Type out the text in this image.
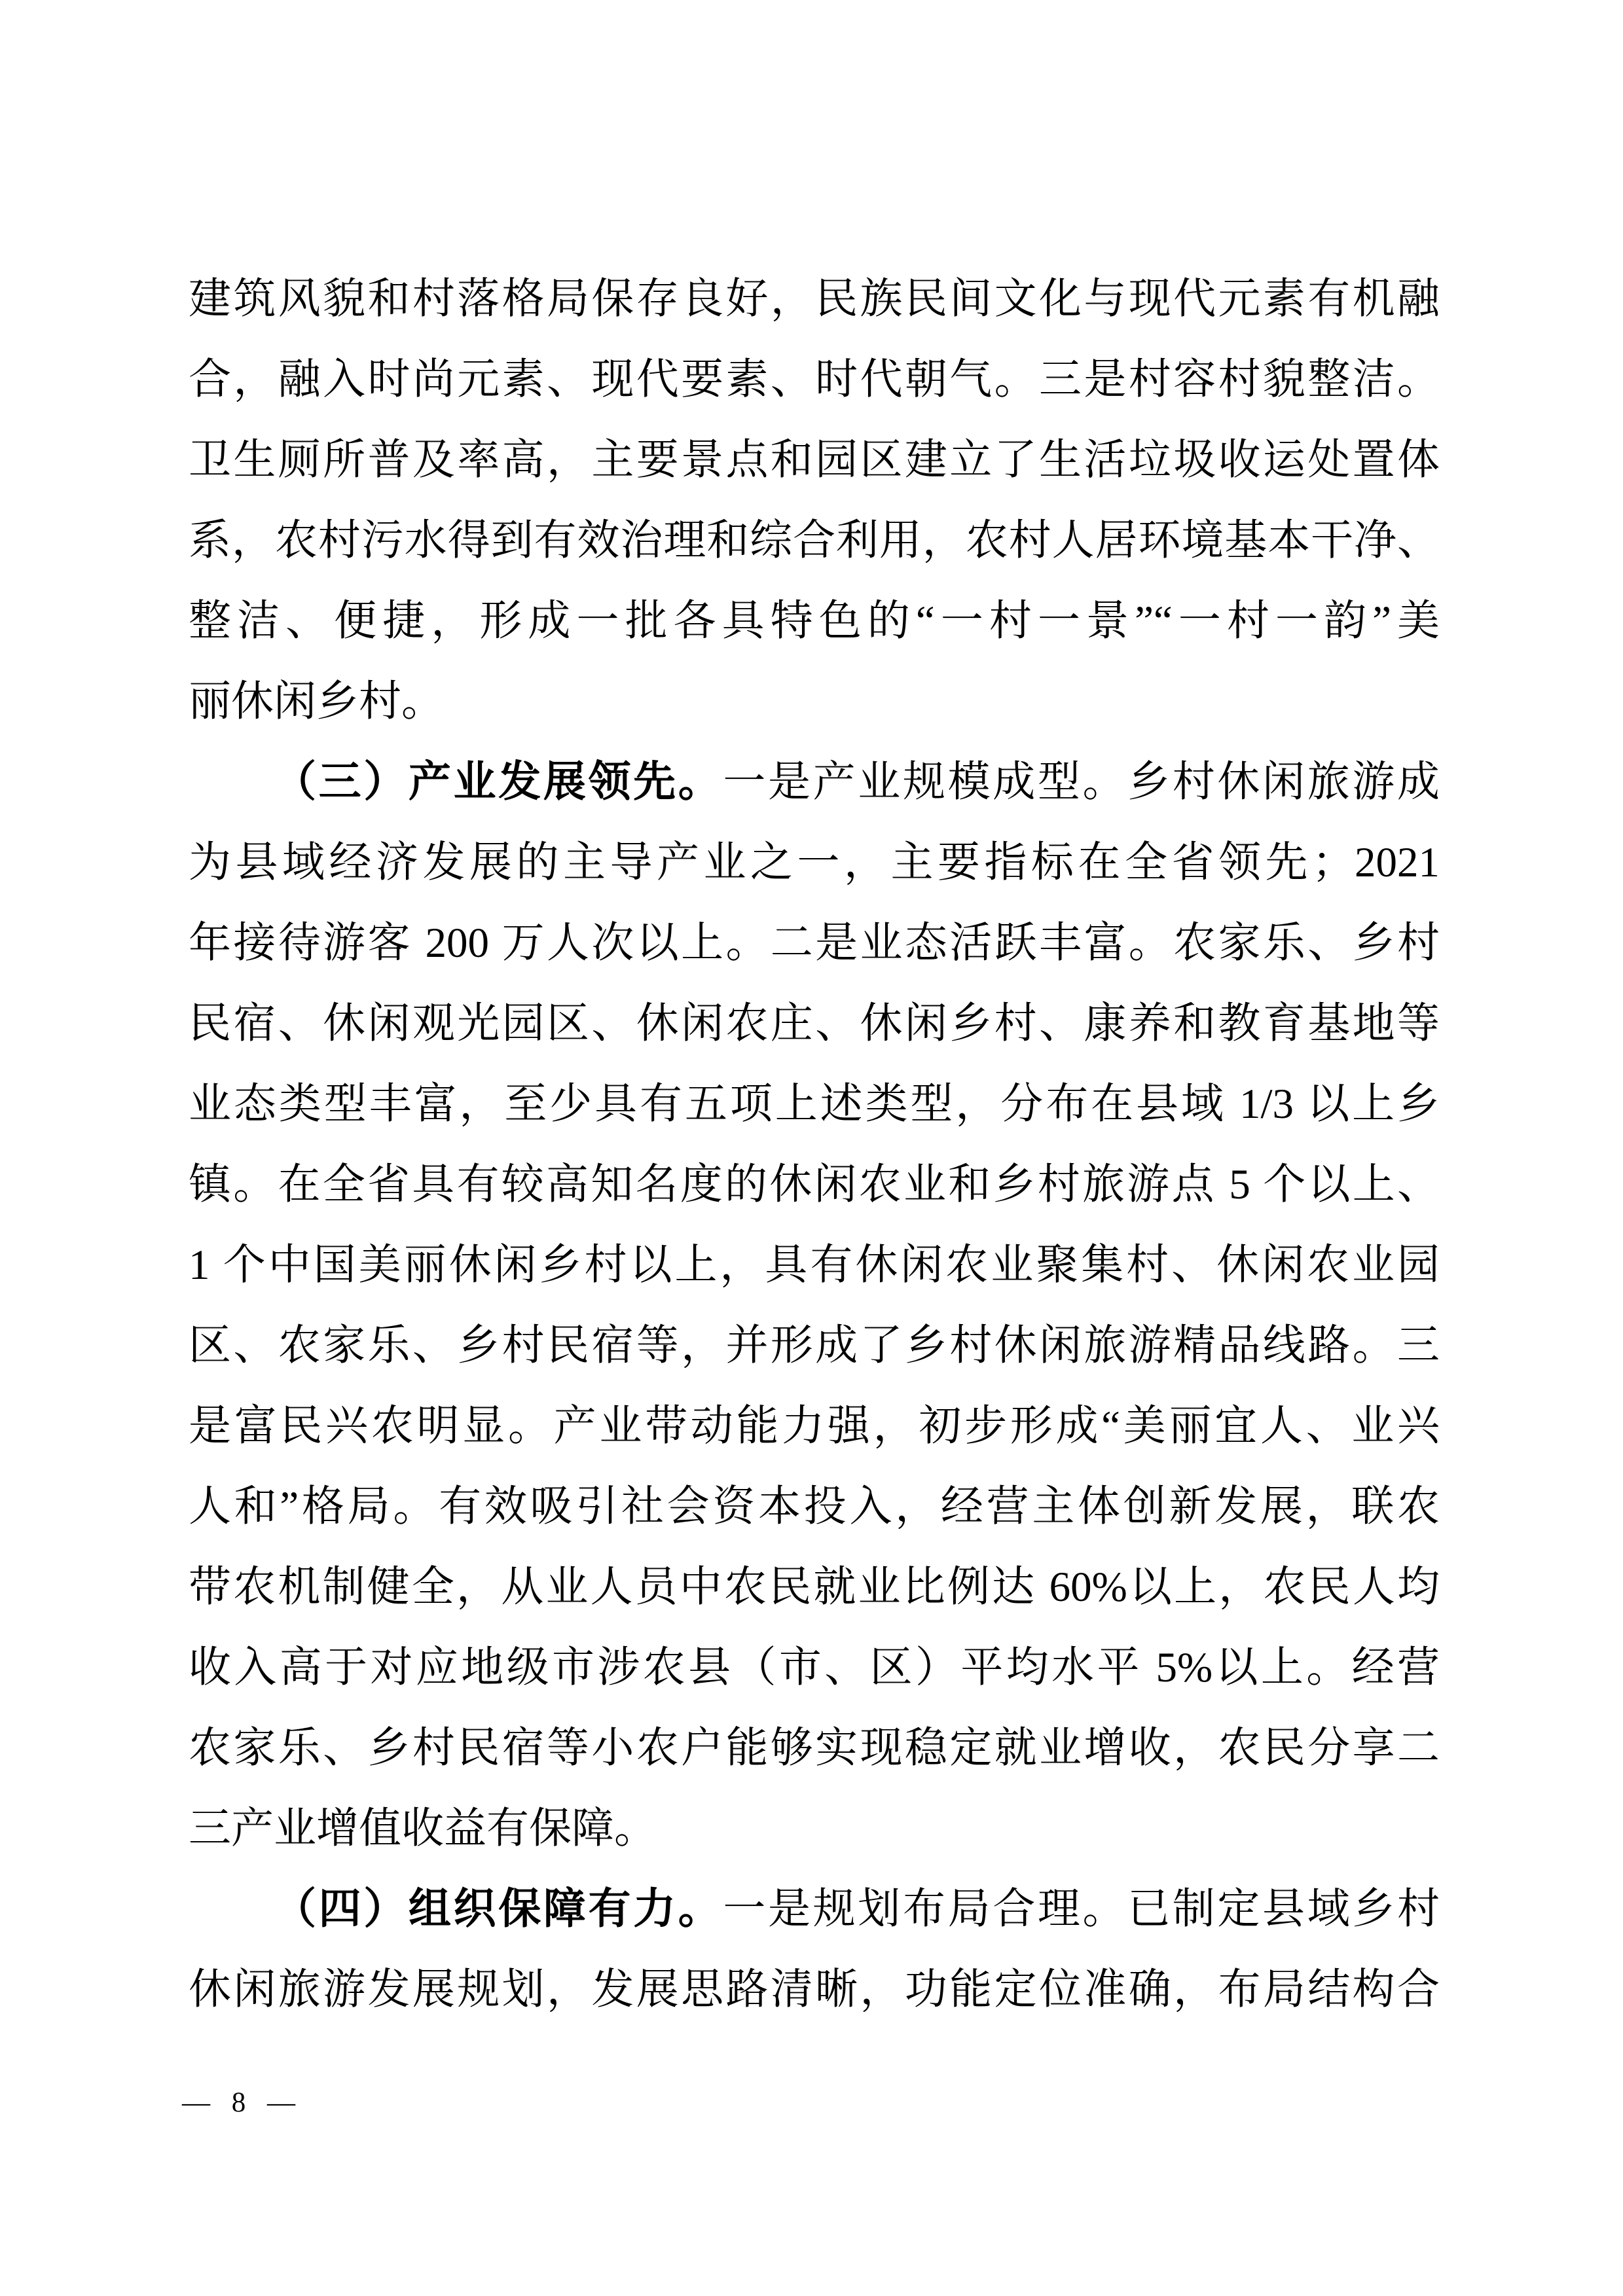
建筑风貌和村落格局保存良好，民族民间文化与现代元素有机融
合，融入时尚元素、现代要素、时代朝气。三是村容村貌整洁。
卫生厕所普及率高，主要景点和园区建立了生活垃圾收运处置体
系，农村污水得到有效治理和综合利用，农村人居环境基本干净、
整洁、便捷，形成一批各具特色的“一村一景”“一村一韵”美
丽休闲乡村。
（三）产业发展领先。一是产业规模成型。乡村休闲旅游成
为县域经济发展的主导产业之一，主要指标在全省领先；2021
年接待游客 200 万人次以上。二是业态活跃丰富。农家乐、乡村
民宿、休闲观光园区、休闲农庄、休闲乡村、康养和教育基地等
业态类型丰富，至少具有五项上述类型，分布在县域 1/3 以上乡
镇。在全省具有较高知名度的休闲农业和乡村旅游点 5 个以上、
1 个中国美丽休闲乡村以上，具有休闲农业聚集村、休闲农业园
区、农家乐、乡村民宿等，并形成了乡村休闲旅游精品线路。三
是富民兴农明显。产业带动能力强，初步形成“美丽宜人、业兴
人和”格局。有效吸引社会资本投入，经营主体创新发展，联农
带农机制健全，从业人员中农民就业比例达 60%以上，农民人均
收入高于对应地级市涉农县（市、区）平均水平 5%以上。经营
农家乐、乡村民宿等小农户能够实现稳定就业增收，农民分享二
三产业增值收益有保障。
（四）组织保障有力。一是规划布局合理。已制定县域乡村
休闲旅游发展规划，发展思路清晰，功能定位准确，布局结构合
— 8 —
